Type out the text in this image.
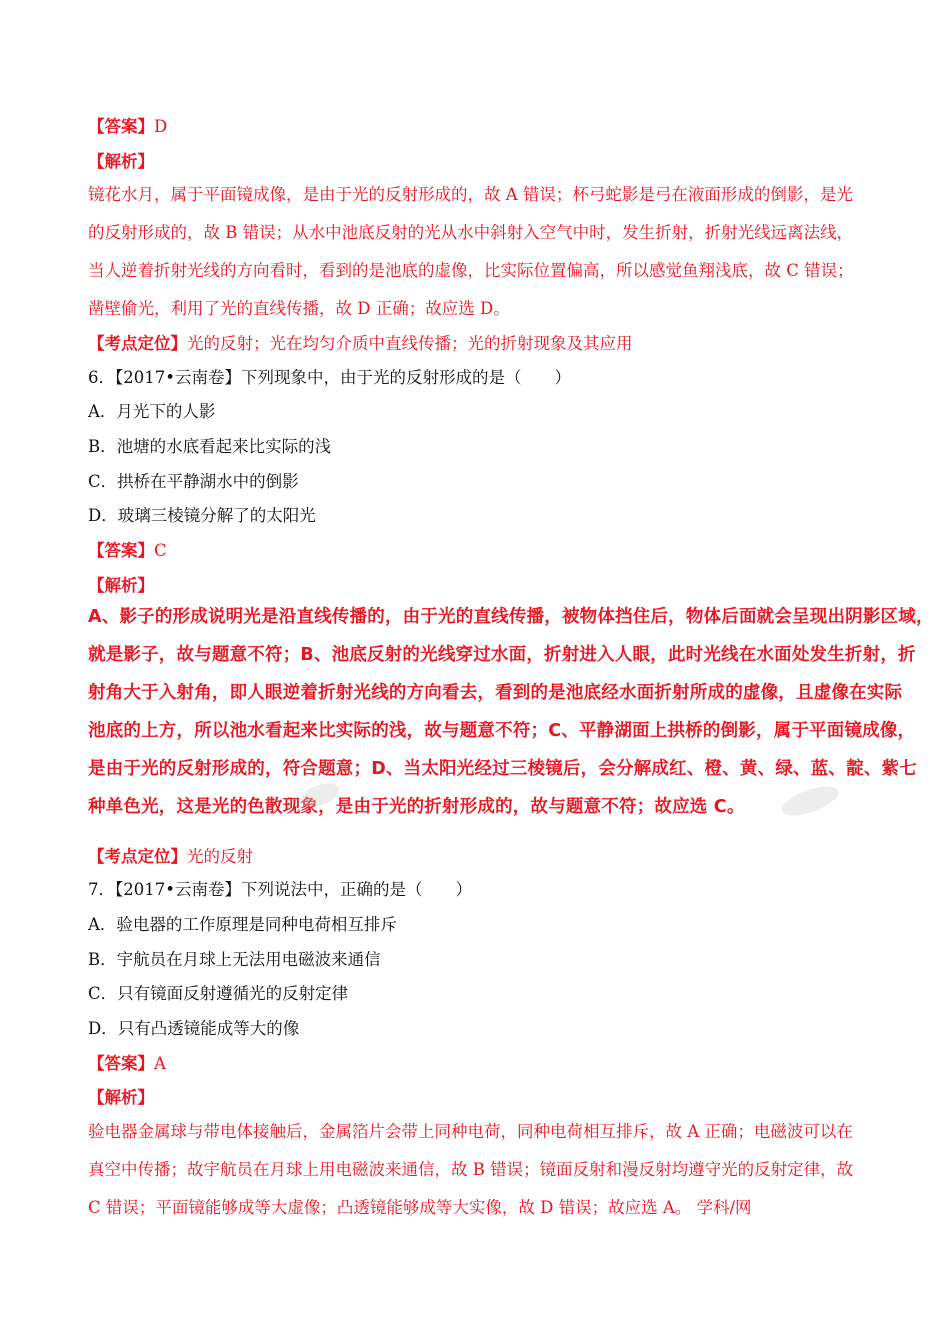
【答案】D
【解析】
镜花水月，属于平面镜成像，是由于光的反射形成的，故 A 错误；杯弓蛇影是弓在液面形成的倒影，是光
的反射形成的，故 B 错误；从水中池底反射的光从水中斜射入空气中时，发生折射，折射光线远离法线，
当人逆着折射光线的方向看时，看到的是池底的虚像，比实际位置偏高，所以感觉鱼翔浅底，故 C 错误；
凿壁偷光，利用了光的直线传播，故 D 正确；故应选 D。
【考点定位】光的反射；光在均匀介质中直线传播；光的折射现象及其应用
6．【2017•云南卷】下列现象中，由于光的反射形成的是（　　）
A．月光下的人影
B．池塘的水底看起来比实际的浅
C．拱桥在平静湖水中的倒影
D．玻璃三棱镜分解了的太阳光
【答案】C
【解析】
A、影子的形成说明光是沿直线传播的，由于光的直线传播，被物体挡住后，物体后面就会呈现出阴影区域，
就是影子，故与题意不符；B、池底反射的光线穿过水面，折射进入人眼，此时光线在水面处发生折射，折
射角大于入射角，即人眼逆着折射光线的方向看去，看到的是池底经水面折射所成的虚像，且虚像在实际
池底的上方，所以池水看起来比实际的浅，故与题意不符；C、平静湖面上拱桥的倒影，属于平面镜成像，
是由于光的反射形成的，符合题意；D、当太阳光经过三棱镜后，会分解成红、橙、黄、绿、蓝、靛、紫七
种单色光，这是光的色散现象，是由于光的折射形成的，故与题意不符；故应选 C。
【考点定位】光的反射
7．【2017•云南卷】下列说法中，正确的是（　　）
A．验电器的工作原理是同种电荷相互排斥
B．宇航员在月球上无法用电磁波来通信
C．只有镜面反射遵循光的反射定律
D．只有凸透镜能成等大的像
【答案】A
【解析】
验电器金属球与带电体接触后，金属箔片会带上同种电荷，同种电荷相互排斥，故 A 正确；电磁波可以在
真空中传播；故宇航员在月球上用电磁波来通信，故 B 错误；镜面反射和漫反射均遵守光的反射定律，故
C 错误；平面镜能够成等大虚像；凸透镜能够成等大实像，故 D 错误；故应选 A。 学科/网
